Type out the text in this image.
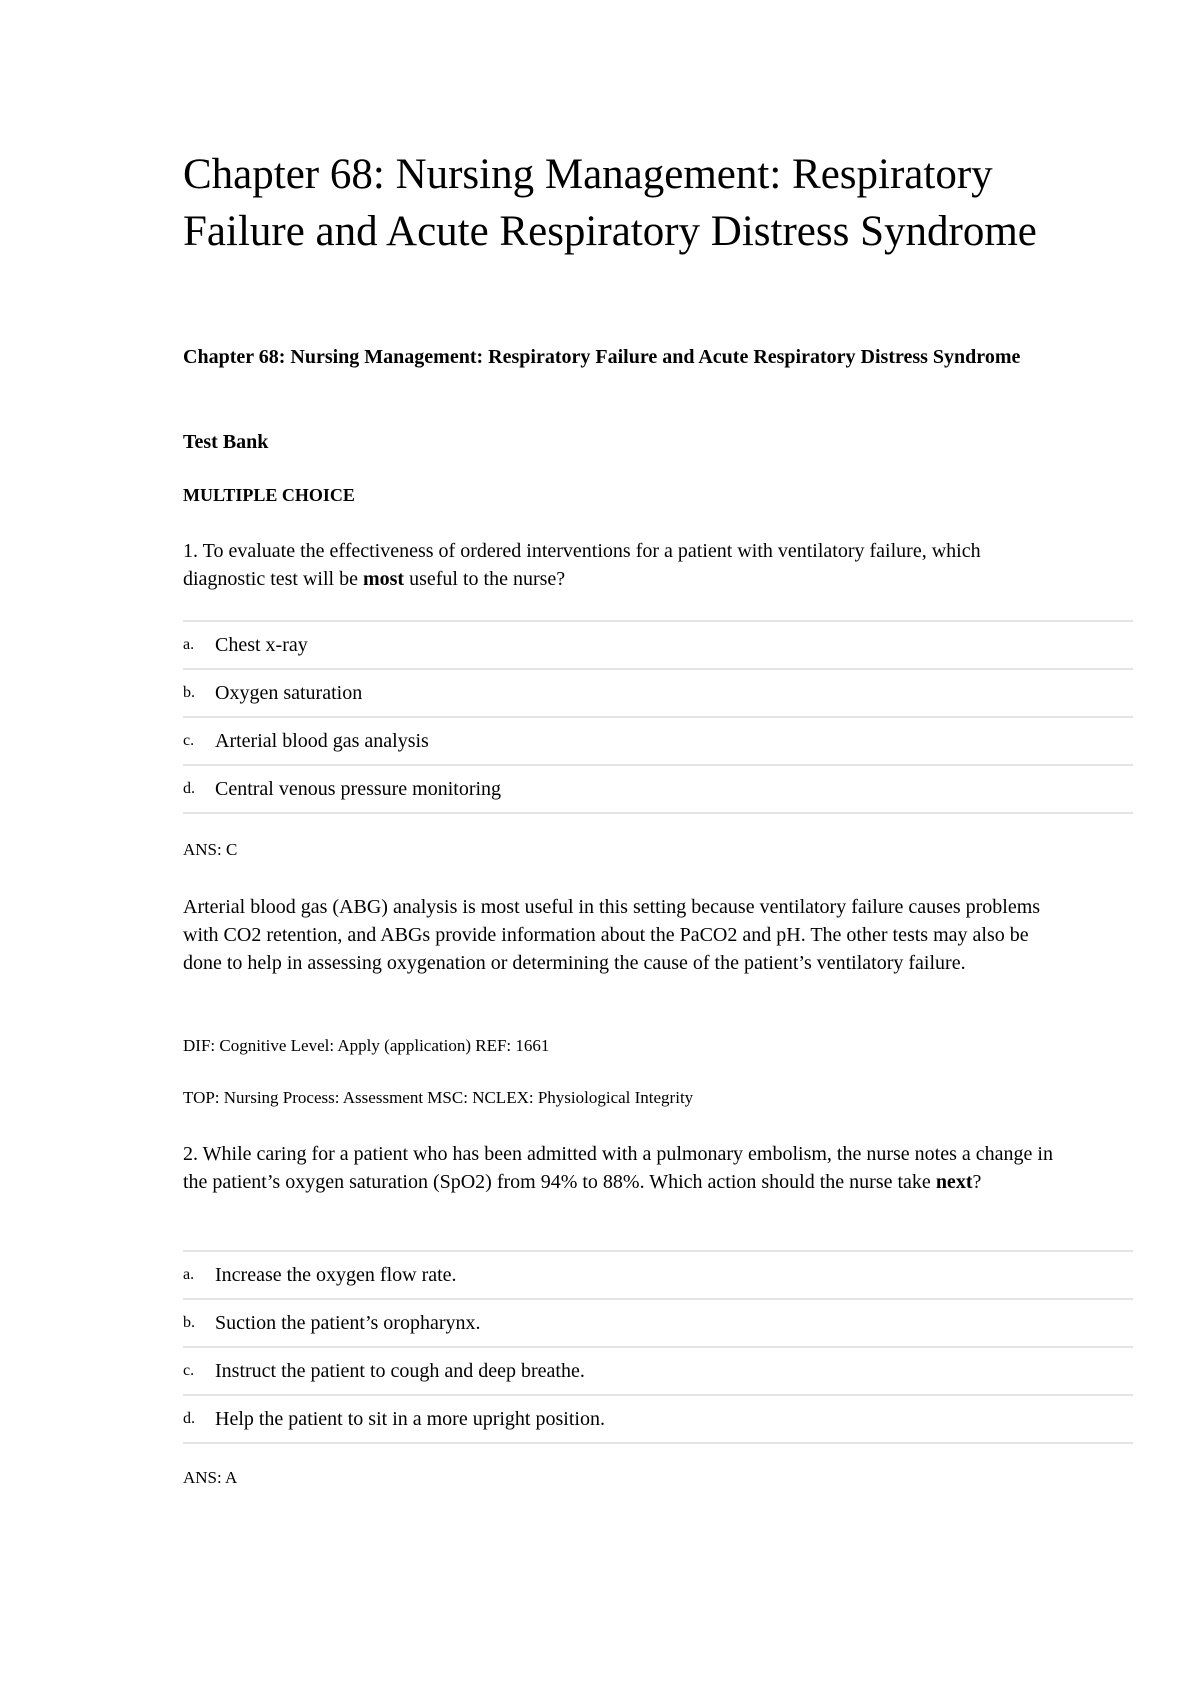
Chapter 68: Nursing Management: Respiratory Failure and Acute Respiratory Distress Syndrome
Chapter 68: Nursing Management: Respiratory Failure and Acute Respiratory Distress Syndrome

Test Bank

MULTIPLE CHOICE

1. To evaluate the effectiveness of ordered interventions for a patient with ventilatory failure, which diagnostic test will be most useful to the nurse?

a.	Chest x-ray
b.	Oxygen saturation
c.	Arterial blood gas analysis
d.	Central venous pressure monitoring

ANS: C

Arterial blood gas (ABG) analysis is most useful in this setting because ventilatory failure causes problems with CO2 retention, and ABGs provide information about the PaCO2 and pH. The other tests may also be done to help in assessing oxygenation or determining the cause of the patient’s ventilatory failure.

DIF: Cognitive Level: Apply (application) REF: 1661

TOP: Nursing Process: Assessment MSC: NCLEX: Physiological Integrity

2. While caring for a patient who has been admitted with a pulmonary embolism, the nurse notes a change in the patient’s oxygen saturation (SpO2) from 94% to 88%. Which action should the nurse take next?

a.	Increase the oxygen flow rate.
b.	Suction the patient’s oropharynx.
c.	Instruct the patient to cough and deep breathe.
d.	Help the patient to sit in a more upright position.

ANS: A
